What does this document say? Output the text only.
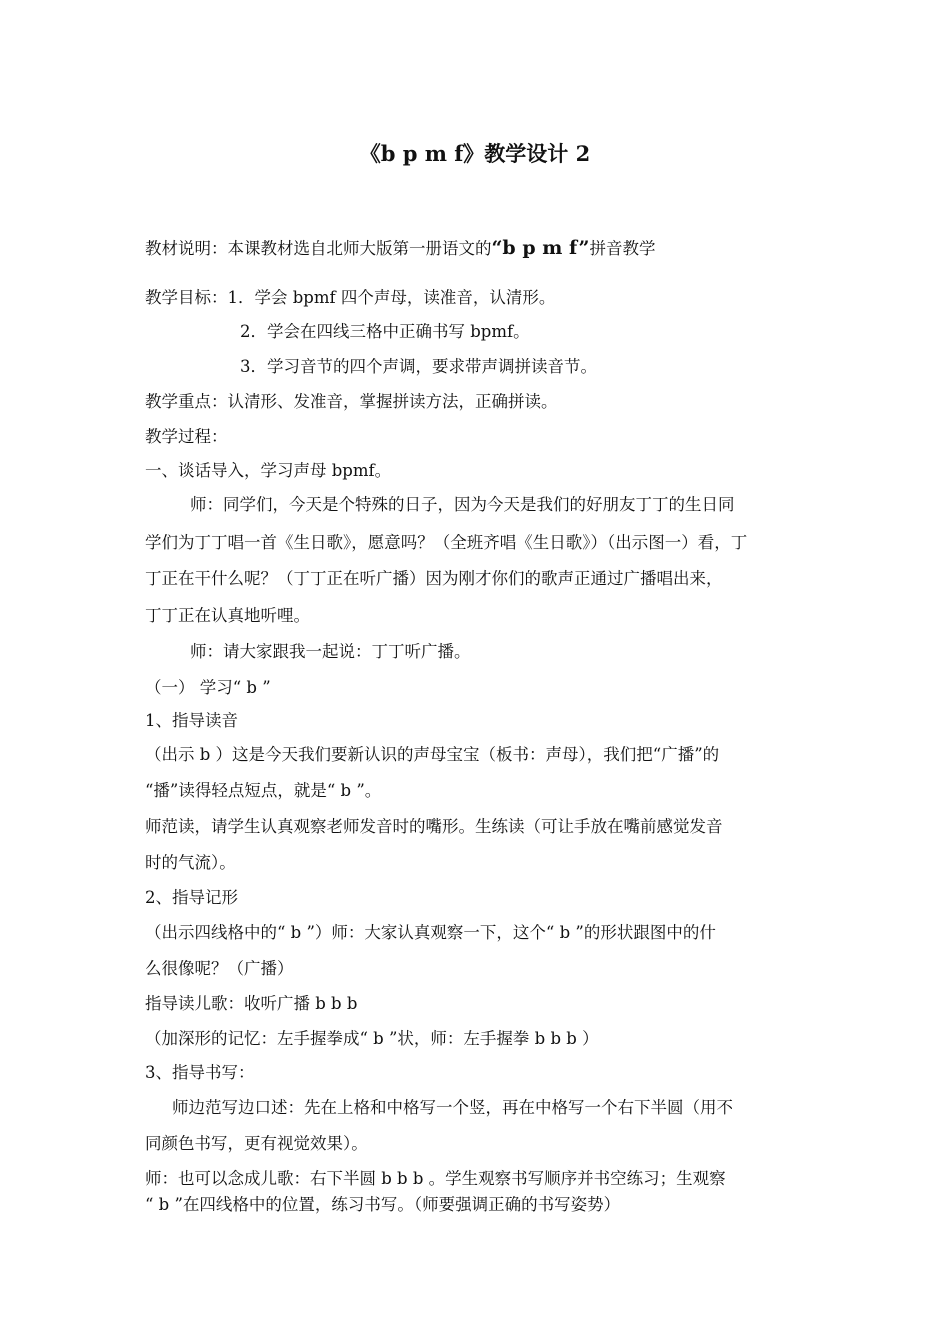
《b p m f》教学设计 2
教材说明：本课教材选自北师大版第一册语文的“b p m f”拼音教学
教学目标：1．学会 bpmf 四个声母，读准音，认清形。
2．学会在四线三格中正确书写 bpmf。
3．学习音节的四个声调，要求带声调拼读音节。
教学重点：认清形、发准音，掌握拼读方法，正确拼读。
教学过程：
一、谈话导入，学习声母 bpmf。
师：同学们，今天是个特殊的日子，因为今天是我们的好朋友丁丁的生日同
学们为丁丁唱一首《生日歌》，愿意吗？（全班齐唱《生日歌》）（出示图一）看，丁
丁正在干什么呢？（丁丁正在听广播）因为刚才你们的歌声正通过广播唱出来，
丁丁正在认真地听哩。
师：请大家跟我一起说：丁丁听广播。
（一） 学习“ b ”
1、指导读音
（出示 b ）这是今天我们要新认识的声母宝宝（板书：声母），我们把“广播”的
“播”读得轻点短点，就是“ b ”。
师范读，请学生认真观察老师发音时的嘴形。生练读（可让手放在嘴前感觉发音
时的气流）。
2、指导记形
（出示四线格中的“ b ”）师：大家认真观察一下，这个“ b ”的形状跟图中的什
么很像呢？（广播）
指导读儿歌：收听广播 b b b
（加深形的记忆：左手握拳成“ b ”状，师：左手握拳 b b b ）
3、指导书写：
师边范写边口述：先在上格和中格写一个竖，再在中格写一个右下半圆（用不
同颜色书写，更有视觉效果）。
师：也可以念成儿歌：右下半圆 b b b 。学生观察书写顺序并书空练习；生观察
“ b ”在四线格中的位置，练习书写。（师要强调正确的书写姿势）
